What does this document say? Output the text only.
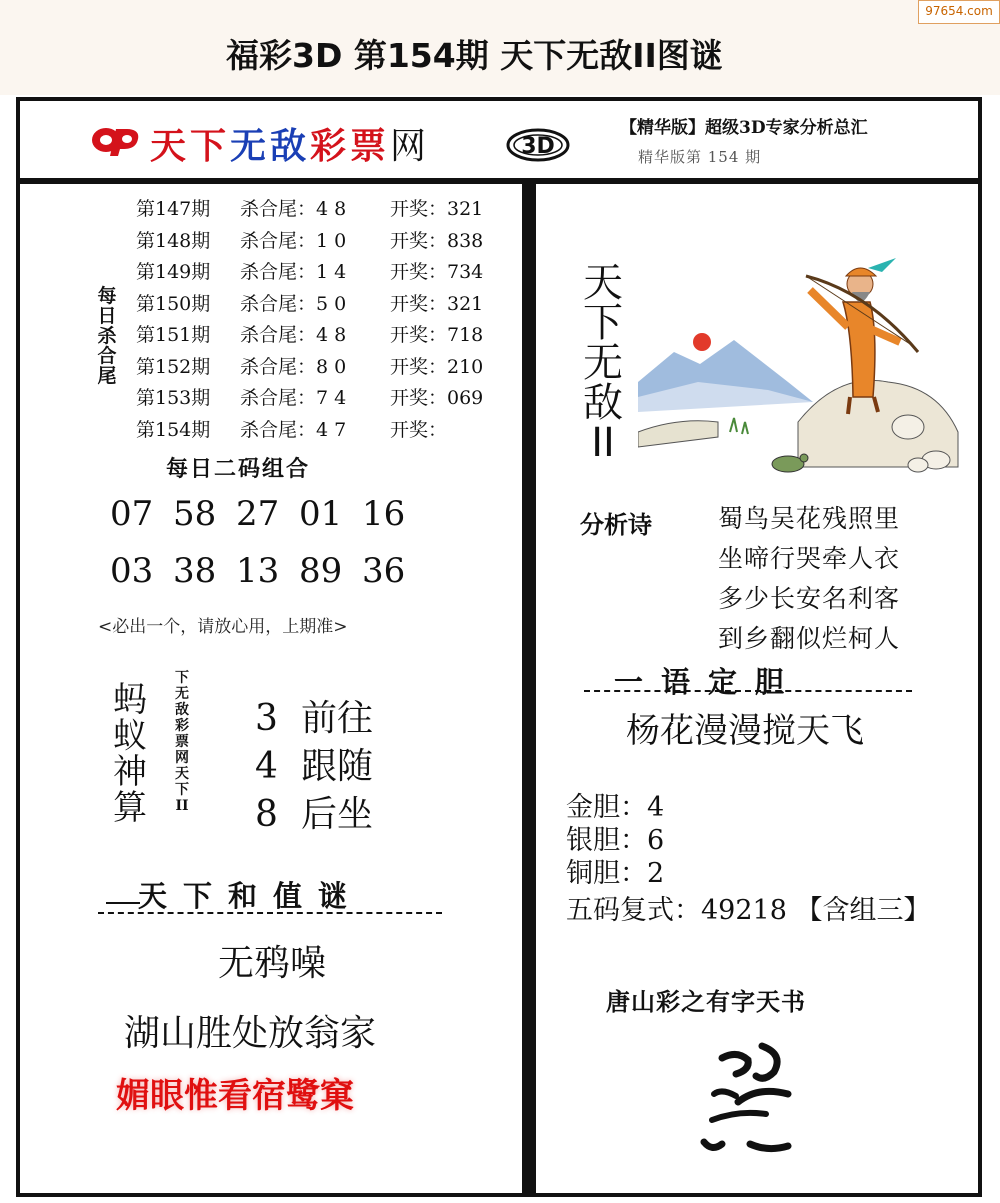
福彩3D 第154期 天下无敌II图谜
97654.com
天下无敌彩票网	3D
【精华版】超级3D专家分析总汇
精华版第 154 期
每日杀合尾
第147期 杀合尾：4 8 开奖：321
第148期 杀合尾：1 0 开奖：838
第149期 杀合尾：1 4 开奖：734
第150期 杀合尾：5 0 开奖：321
第151期 杀合尾：4 8 开奖：718
第152期 杀合尾：8 0 开奖：210
第153期 杀合尾：7 4 开奖：069
第154期 杀合尾：4 7 开奖：
每日二码组合
07 58 27 01 16
03 38 13 89 36
<必出一个，请放心用，上期准>
蚂蚁神算
下无敌彩票网天下II
3 前往
4 跟随
8 后坐
天下和值谜
无鸦噪
湖山胜处放翁家
媚眼惟看宿鹭窠
天下无敌II
分析诗	蜀鸟吴花残照里
坐啼行哭牵人衣
多少长安名利客
到乡翻似烂柯人
一语定胆
杨花漫漫搅天飞
金胆：4
银胆：6
铜胆：2
五码复式：49218 【含组三】
唐山彩之有字天书
